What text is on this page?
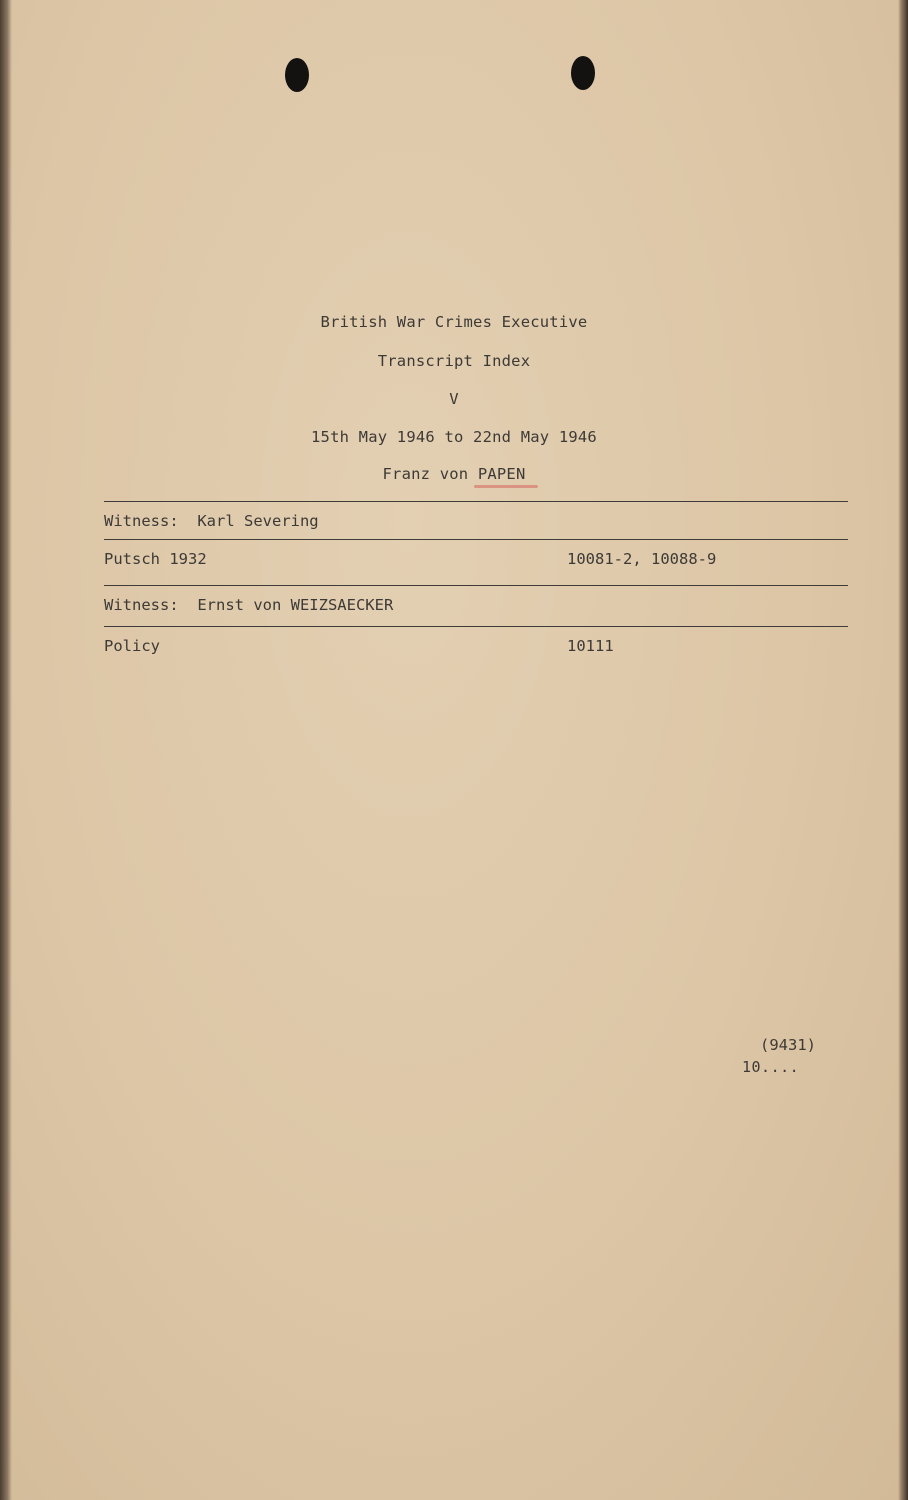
British War Crimes Executive
Transcript Index
V
15th May 1946 to 22nd May 1946
Franz von PAPEN
Witness: Karl Severing
Putsch 1932	10081-2, 10088-9
Witness: Ernst von WEIZSAECKER
Policy	10111
(9431)
10....
